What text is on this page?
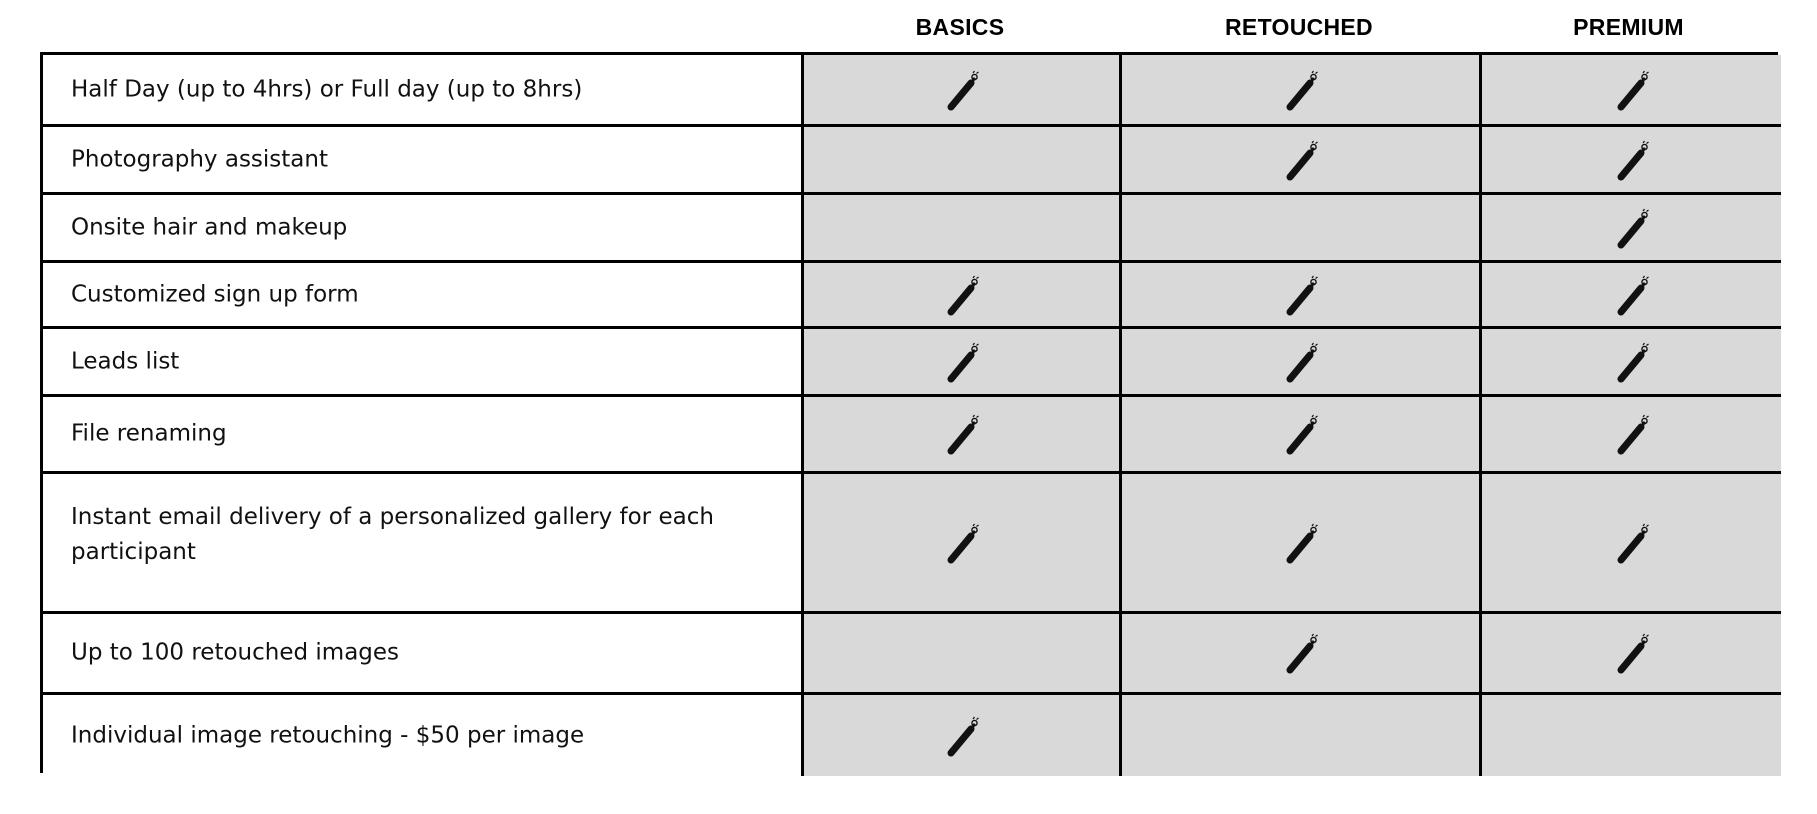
BASICS	RETOUCHED	PREMIUM
Half Day (up to 4hrs) or Full day (up to 8hrs)
Photography assistant
Onsite hair and makeup
Customized sign up form
Leads list
File renaming
Instant email delivery of a personalized gallery for each participant
Up to 100 retouched images
Individual image retouching - $50 per image
